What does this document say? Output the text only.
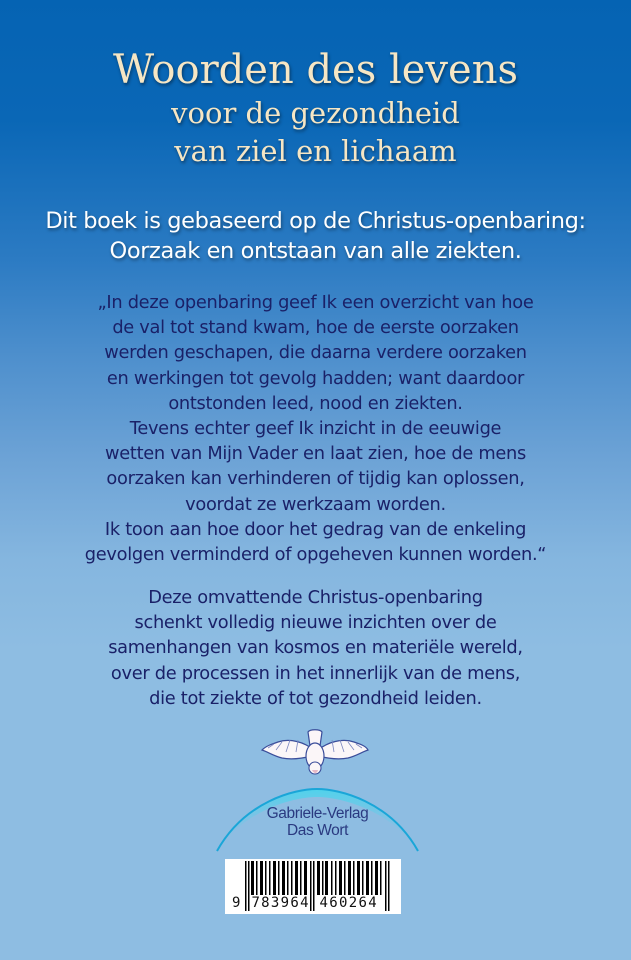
Woorden des levens
voor de gezondheid
van ziel en lichaam
Dit boek is gebaseerd op de Christus-openbaring:
Oorzaak en ontstaan van alle ziekten.
„In deze openbaring geef Ik een overzicht van hoe
de val tot stand kwam, hoe de eerste oorzaken
werden geschapen, die daarna verdere oorzaken
en werkingen tot gevolg hadden; want daardoor
ontstonden leed, nood en ziekten.
Tevens echter geef Ik inzicht in de eeuwige
wetten van Mijn Vader en laat zien, hoe de mens
oorzaken kan verhinderen of tijdig kan oplossen,
voordat ze werkzaam worden.
Ik toon aan hoe door het gedrag van de enkeling
gevolgen verminderd of opgeheven kunnen worden.“
Deze omvattende Christus-openbaring
schenkt volledig nieuwe inzichten over de
samenhangen van kosmos en materiële wereld,
over de processen in het innerlijk van de mens,
die tot ziekte of tot gezondheid leiden.
Gabriele-Verlag
Das Wort
9 783964 460264
